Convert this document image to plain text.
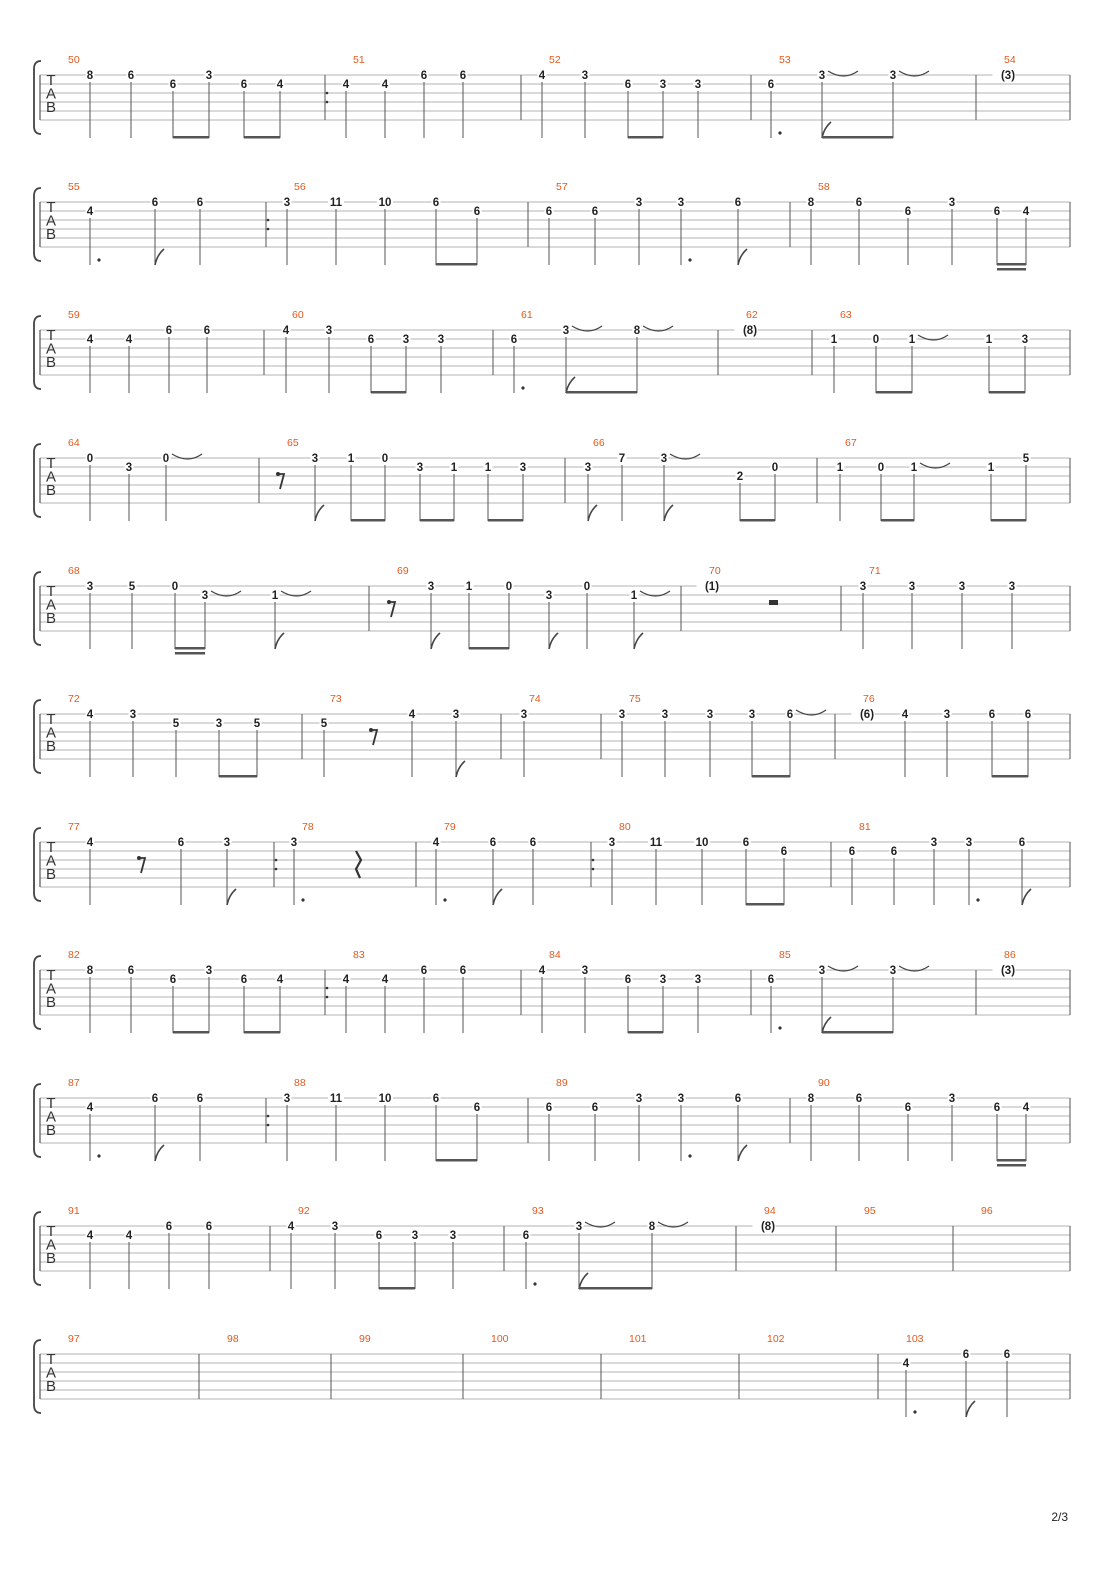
T
A
B
50
8	6
6
3
6	4
51
4	4
6	6
52
4	3
6 3 3
53
6
3	3
54
(3)
T
A
B
55
4
6	6
56
3	11	10	6
6
57
6	6
3	3	6
58
8	6
6
3
6 4
T
A
B
59
4	4
6	6
60
4	3
6 3 3
61
6
3	8
62
(8)
63
1	0	1	1	3
T
A
B
64
0
3
0
65
3	1 0
3 1 1 3
66
3
7	3
2
0
67
1	0 1	1
5
T
A
B
68
3	5	0
3	1
69
3	1	0
3
0
1
70
(1)
71
3	3	3	3
T
A
B
72
4	3
5	3	5
73
5
4	3
74
3
75
3	3	3	3	6
76
(6) 4	3	6	6
T
A
B
77
4	6	3
78
3
79
4	6	6
80
3	11	10	6
6
81
6	6
3 3	6
T
A
B
82
8	6
6
3
6	4
83
4	4
6	6
84
4	3
6 3 3
85
6
3	3
86
(3)
T
A
B
87
4
6	6
88
3	11	10	6
6
89
6	6
3	3	6
90
8	6
6
3
6 4
T
A
B
91
4	4
6	6
92
4	3
6	3	3
93
6
3	8
94
(8)
95	96
T
A
B
97	98	99	100	101	102	103
4
6	6
2/3
